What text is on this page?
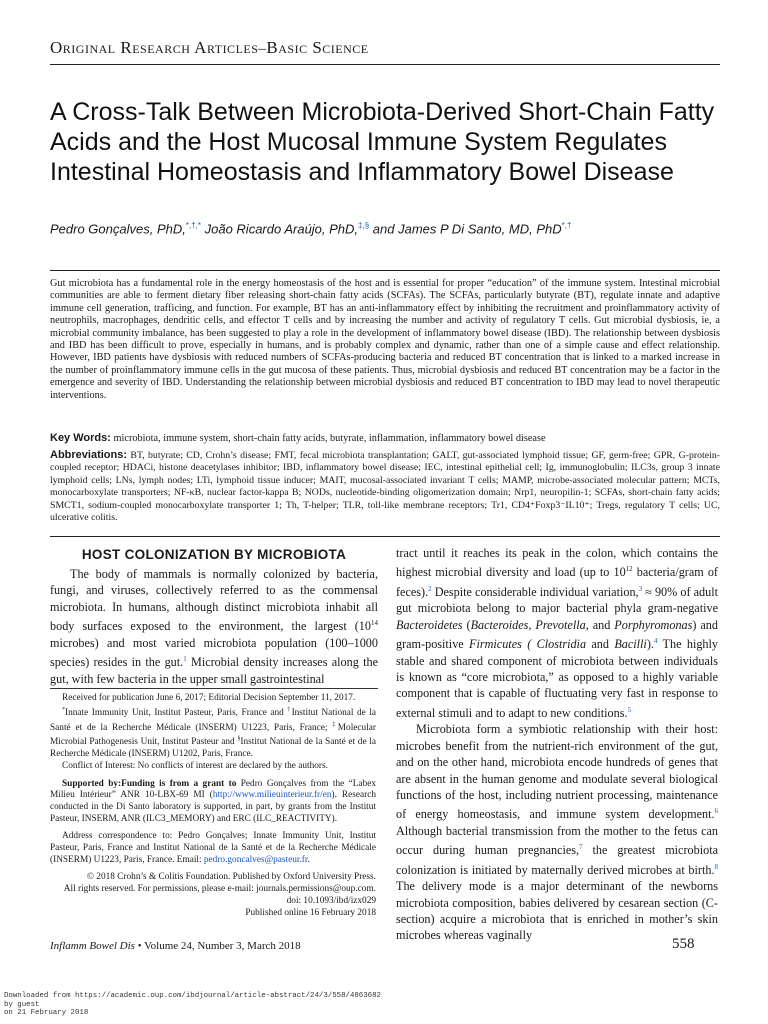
Original Research Articles–Basic Science
A Cross-Talk Between Microbiota-Derived Short-Chain Fatty Acids and the Host Mucosal Immune System Regulates Intestinal Homeostasis and Inflammatory Bowel Disease
Pedro Gonçalves, PhD,*,†,* João Ricardo Araújo, PhD,‡,§ and James P Di Santo, MD, PhD*,†

Gut microbiota has a fundamental role in the energy homeostasis of the host and is essential for proper “education” of the immune system. Intestinal microbial communities are able to ferment dietary fiber releasing short-chain fatty acids (SCFAs). The SCFAs, particularly butyrate (BT), regulate innate and adaptive immune cell generation, trafficing, and function. For example, BT has an anti-inflammatory effect by inhibiting the recruitment and proinflammatory activity of neutrophils, macrophages, dendritic cells, and effector T cells and by increasing the number and activity of regulatory T cells. Gut microbial dysbiosis, ie, a microbial community imbalance, has been suggested to play a role in the development of inflammatory bowel disease (IBD). The relationship between dysbiosis and IBD has been difficult to prove, especially in humans, and is probably complex and dynamic, rather than one of a simple cause and effect relationship. However, IBD patients have dysbiosis with reduced numbers of SCFAs-producing bacteria and reduced BT concentration that is linked to a marked increase in the number of proinflammatory immune cells in the gut mucosa of these patients. Thus, microbial dysbiosis and reduced BT concentration may be a factor in the emergence and severity of IBD. Understanding the relationship between microbial dysbiosis and reduced BT concentration to IBD may lead to novel therapeutic interventions.

Key Words: microbiota, immune system, short-chain fatty acids, butyrate, inflammation, inflammatory bowel disease

Abbreviations: BT, butyrate; CD, Crohn’s disease; FMT, fecal microbiota transplantation; GALT, gut-associated lymphoid tissue; GF, germ-free; GPR, G-protein-coupled receptor; HDACi, histone deacetylases inhibitor; IBD, inflammatory bowel disease; IEC, intestinal epithelial cell; Ig, immunoglobulin; ILC3s, group 3 innate lymphoid cells; LNs, lymph nodes; LTi, lymphoid tissue inducer; MAIT, mucosal-associated invariant T cells; MAMP, microbe-associated molecular pattern; MCTs, monocarboxylate transporters; NF-κB, nuclear factor-kappa B; NODs, nucleotide-binding oligomerization domain; Nrp1, neuropilin-1; SCFAs, short-chain fatty acids; SMCT1, sodium-coupled monocarboxylate transporter 1; Th, T-helper; TLR, toll-like membrane receptors; Tr1, CD4⁺Foxp3⁻IL10⁺; Tregs, regulatory T cells; UC, ulcerative colitis.

HOST COLONIZATION BY MICROBIOTA

The body of mammals is normally colonized by bacteria, fungi, and viruses, collectively referred to as the commensal microbiota. In humans, although distinct microbiota inhabit all body surfaces exposed to the environment, the largest ($10^{14}$ microbes) and most varied microbiota population (100–1000 species) resides in the gut.$^1$ Microbial density increases along the gut, with few bacteria in the upper small gastrointestinal

Received for publication June 6, 2017; Editorial Decision September 11, 2017.

*Innate Immunity Unit, Institut Pasteur, Paris, France and †Institut National de la Santé et de la Recherche Médicale (INSERM) U1223, Paris, France; ‡Molecular Microbial Pathogenesis Unit, Institut Pasteur and §Institut National de la Santé et de la Recherche Médicale (INSERM) U1202, Paris, France.

Conflict of Interest: No conflicts of interest are declared by the authors.

Supported by:Funding is from a grant to Pedro Gonçalves from the “Labex Milieu Intérieur” ANR 10-LBX-69 MI (http://www.milieuinterieur.fr/en). Research conducted in the Di Santo laboratory is supported, in part, by grants from the Institut Pasteur, INSERM, ANR (ILC3_MEMORY) and ERC (ILC_REACTIVITY).

Address correspondence to: Pedro Gonçalves; Innate Immunity Unit, Institut Pasteur, Paris, France and Institut National de la Santé et de la Recherche Médicale (INSERM) U1223, Paris, France. Email: pedro.goncalves@pasteur.fr.

© 2018 Crohn’s & Colitis Foundation. Published by Oxford University Press.

All rights reserved. For permissions, please e-mail: journals.permissions@oup.com.

doi: 10.1093/ibd/izx029

Published online 16 February 2018

tract until it reaches its peak in the colon, which contains the highest microbial diversity and load (up to $10^{12}$ bacteria/gram of feces).$^2$ Despite considerable individual variation,$^3$ ≈ 90% of adult gut microbiota belong to major bacterial phyla gram-negative Bacteroidetes (Bacteroides, Prevotella, and Porphyromonas) and gram-positive Firmicutes ( Clostridia and Bacilli).$^4$ The highly stable and shared component of microbiota between individuals is known as “core microbiota,” as opposed to a highly variable component that is capable of fluctuating very fast in response to external stimuli and to adapt to new conditions.$^5$

Microbiota form a symbiotic relationship with their host: microbes benefit from the nutrient-rich environment of the gut, and on the other hand, microbiota encode hundreds of genes that are absent in the human genome and modulate several biological functions of the host, including nutrient processing, maintenance of energy homeostasis, and immune system development.$^6$ Although bacterial transmission from the mother to the fetus can occur during human pregnancies,$^7$ the greatest microbiota colonization is initiated by maternally derived microbes at birth.$^8$ The delivery mode is a major determinant of the newborns microbiota composition, babies delivered by cesarean section (C-section) acquire a microbiota that is enriched in mother’s skin microbes whereas vaginally

Inflamm Bowel Dis • Volume 24, Number 3, March 2018	558
Downloaded from https://academic.oup.com/ibdjournal/article-abstract/24/3/558/4863682
by guest
on 21 February 2018
